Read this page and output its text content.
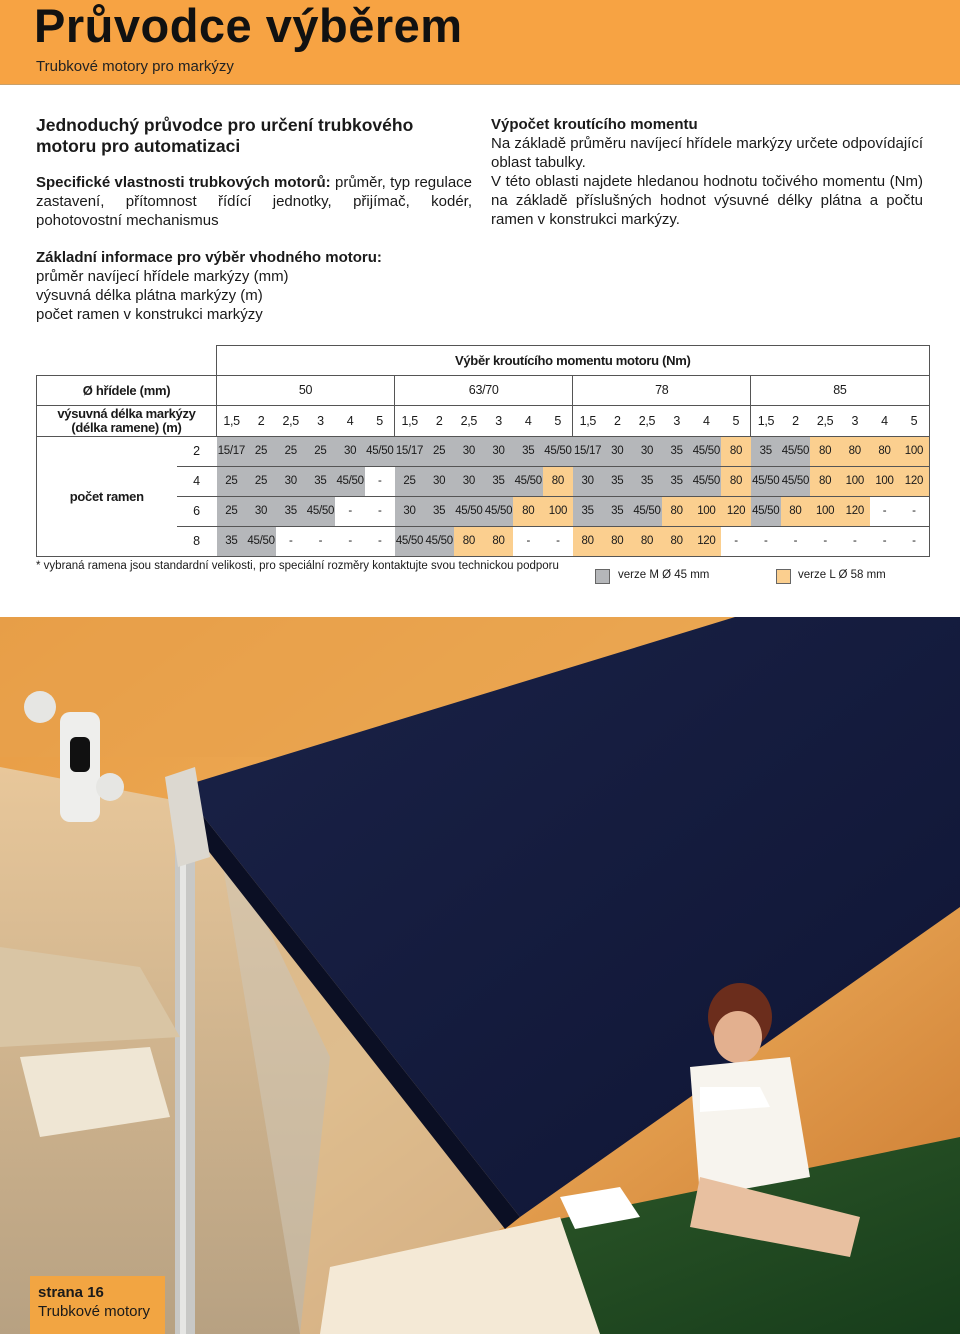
Průvodce výběrem
Trubkové motory pro markýzy
Jednoduchý průvodce pro určení trubkového motoru pro automatizaci
Specifické vlastnosti trubkových motorů: průměr, typ regulace zastavení, přítomnost řídící jednotky, přijímač, kodér, pohotovostní mechanismus
Výpočet kroutícího momentu
Na základě průměru navíjecí hřídele markýzy určete odpovídající oblast tabulky.
V této oblasti najdete hledanou hodnotu točivého momentu (Nm) na základě příslušných hodnot výsuvné délky plátna a počtu ramen v konstrukci markýzy.
Základní informace pro výběr vhodného motoru:
průměr navíjecí hřídele markýzy (mm)
výsuvná délka plátna markýzy (m)
počet ramen v konstrukci markýzy
		Výběr kroutícího momentu motoru (Nm)																							
Ø hřídele (mm)		50						63/70						78						85					

výsuvná délka markýzy
(délka ramene) (m)		1,5	2	2,5	3	4	5	1,5	2	2,5	3	4	5	1,5	2	2,5	3	4	5	1,5	2	2,5	3	4	5
počet ramen	2	15/17	25	25	25	30	45/50	15/17	25	30	30	35	45/50	15/17	30	30	35	45/50	80	35	45/50	80	80	80	100
	4	25	25	30	35	45/50	-	25	30	30	35	45/50	80	30	35	35	35	45/50	80	45/50	45/50	80	100	100	120
	6	25	30	35	45/50	-	-	30	35	45/50	45/50	80	100	35	35	45/50	80	100	120	45/50	80	100	120	-	-
	8	35	45/50	-	-	-	-	45/50	45/50	80	80	-	-	80	80	80	80	120	-	-	-	-	-	-	-
* vybraná ramena jsou standardní velikosti, pro speciální rozměry kontaktujte svou technickou podporu
verze M Ø 45 mm	verze L Ø 58 mm
strana 16
Trubkové motory
